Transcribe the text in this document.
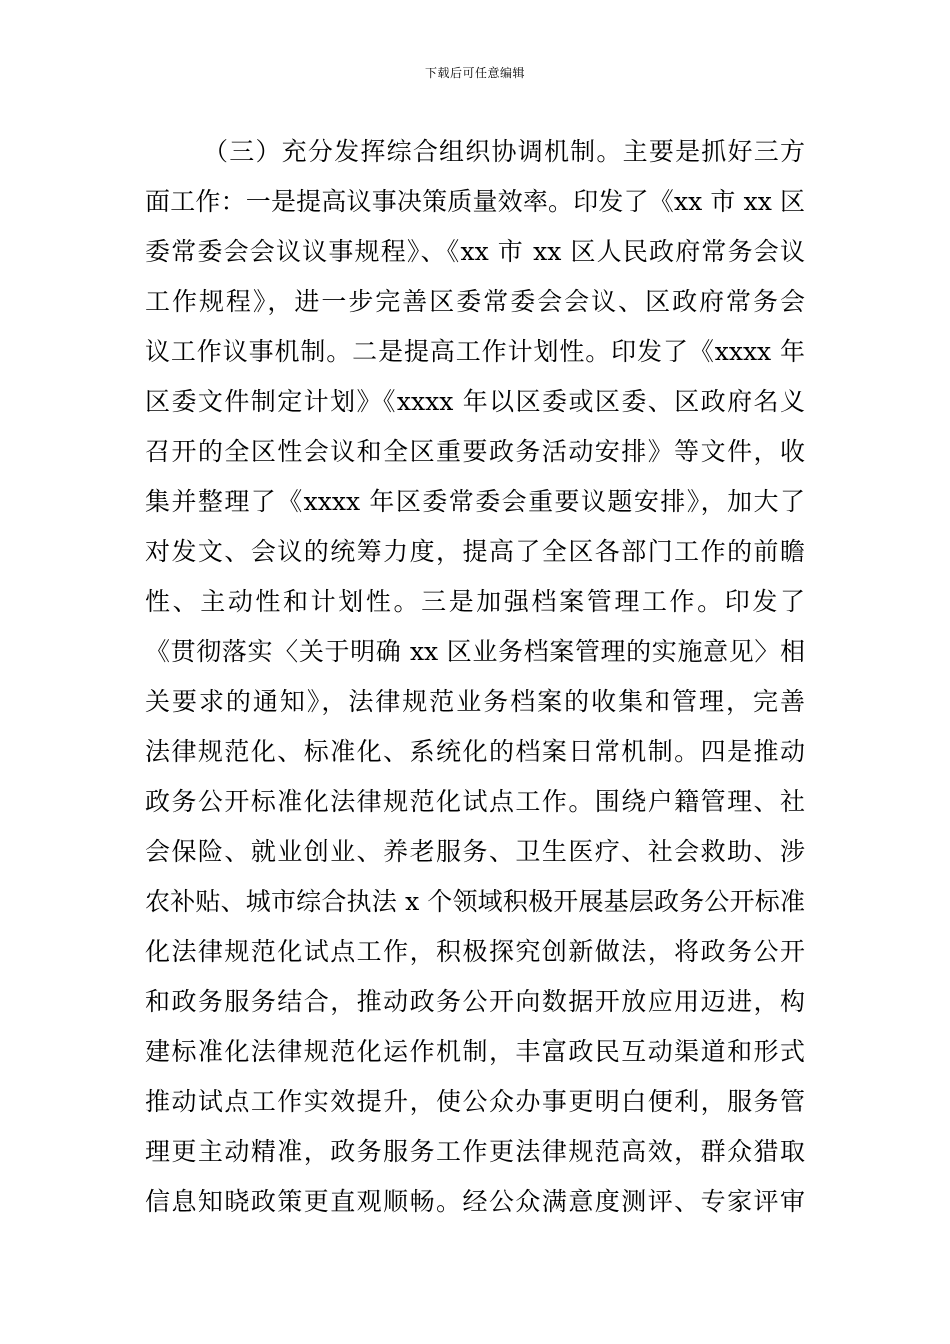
下载后可任意编辑
（三）充分发挥综合组织协调机制。主要是抓好三方
面工作：一是提高议事决策质量效率。印发了《xx 市 xx 区
委常委会会议议事规程》、《xx 市 xx 区人民政府常务会议
工作规程》，进一步完善区委常委会会议、区政府常务会
议工作议事机制。二是提高工作计划性。印发了《xxxx 年
区委文件制定计划》《xxxx 年以区委或区委、区政府名义
召开的全区性会议和全区重要政务活动安排》等文件，收
集并整理了《xxxx 年区委常委会重要议题安排》，加大了
对发文、会议的统筹力度，提高了全区各部门工作的前瞻
性、主动性和计划性。三是加强档案管理工作。印发了
《贯彻落实〈关于明确 xx 区业务档案管理的实施意见〉相
关要求的通知》，法律规范业务档案的收集和管理，完善
法律规范化、标准化、系统化的档案日常机制。四是推动
政务公开标准化法律规范化试点工作。围绕户籍管理、社
会保险、就业创业、养老服务、卫生医疗、社会救助、涉
农补贴、城市综合执法 x 个领域积极开展基层政务公开标准
化法律规范化试点工作，积极探究创新做法，将政务公开
和政务服务结合，推动政务公开向数据开放应用迈进，构
建标准化法律规范化运作机制，丰富政民互动渠道和形式
推动试点工作实效提升，使公众办事更明白便利，服务管
理更主动精准，政务服务工作更法律规范高效，群众猎取
信息知晓政策更直观顺畅。经公众满意度测评、专家评审
